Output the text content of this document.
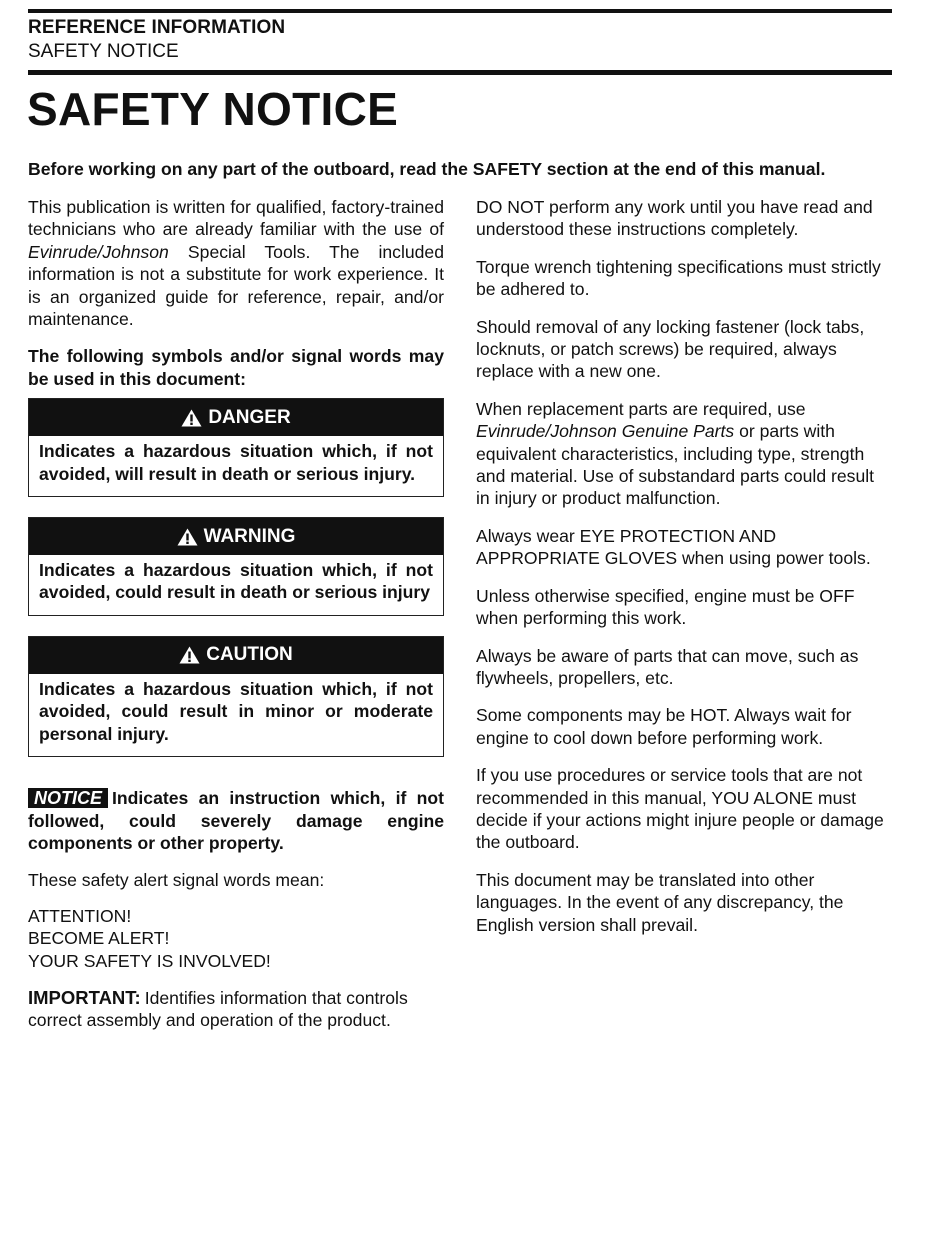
REFERENCE INFORMATION
SAFETY NOTICE
SAFETY NOTICE

Before working on any part of the outboard, read the SAFETY section at the end of this manual.

This publication is written for qualified, factory-trained technicians who are already familiar with the use of Evinrude/Johnson Special Tools. The included information is not a substitute for work experience. It is an organized guide for reference, repair, and/or maintenance.

The following symbols and/or signal words may be used in this document:

DANGER
Indicates a hazardous situation which, if not avoided, will result in death or serious injury.
WARNING
Indicates a hazardous situation which, if not avoided, could result in death or serious injury
CAUTION
Indicates a hazardous situation which, if not avoided, could result in minor or moderate personal injury.

NOTICE Indicates an instruction which, if not followed, could severely damage engine components or other property.

These safety alert signal words mean:

ATTENTION!
BECOME ALERT!
YOUR SAFETY IS INVOLVED!

IMPORTANT: Identifies information that controls correct assembly and operation of the product.

DO NOT perform any work until you have read and understood these instructions completely.

Torque wrench tightening specifications must strictly be adhered to.

Should removal of any locking fastener (lock tabs, locknuts, or patch screws) be required, always replace with a new one.

When replacement parts are required, use Evinrude/Johnson Genuine Parts or parts with equivalent characteristics, including type, strength and material. Use of substandard parts could result in injury or product malfunction.

Always wear EYE PROTECTION AND APPROPRIATE GLOVES when using power tools.

Unless otherwise specified, engine must be OFF when performing this work.

Always be aware of parts that can move, such as flywheels, propellers, etc.

Some components may be HOT. Always wait for engine to cool down before performing work.

If you use procedures or service tools that are not recommended in this manual, YOU ALONE must decide if your actions might injure people or damage the outboard.

This document may be translated into other languages. In the event of any discrepancy, the English version shall prevail.
